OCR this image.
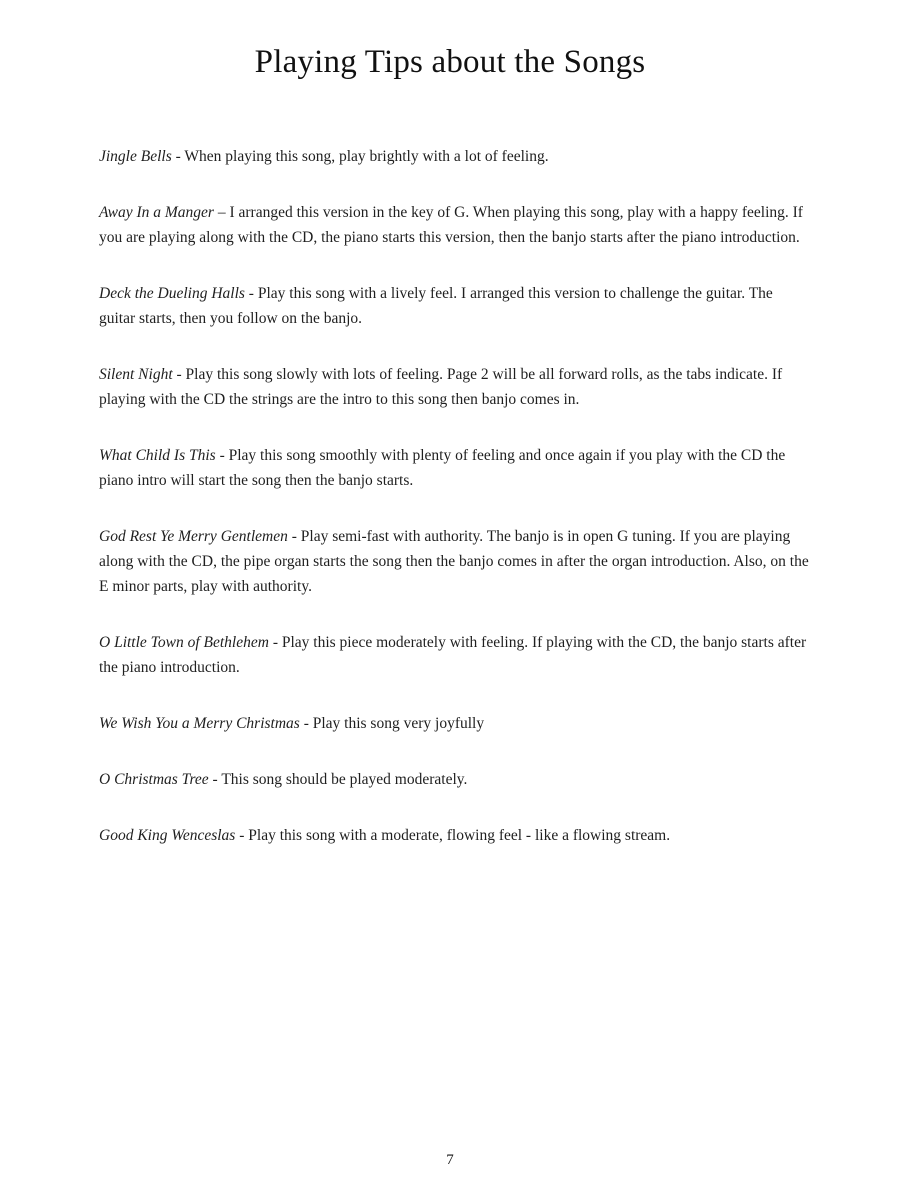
Playing Tips about the Songs

Jingle Bells - When playing this song, play brightly with a lot of feeling.

Away In a Manger – I arranged this version in the key of G. When playing this song, play with a happy feeling. If you are playing along with the CD, the piano starts this version, then the banjo starts after the piano introduction.

Deck the Dueling Halls - Play this song with a lively feel. I arranged this version to challenge the guitar. The guitar starts, then you follow on the banjo.

Silent Night - Play this song slowly with lots of feeling. Page 2 will be all forward rolls, as the tabs indicate. If playing with the CD the strings are the intro to this song then banjo comes in.

What Child Is This - Play this song smoothly with plenty of feeling and once again if you play with the CD the piano intro will start the song then the banjo starts.

God Rest Ye Merry Gentlemen - Play semi-fast with authority. The banjo is in open G tuning. If you are playing along with the CD, the pipe organ starts the song then the banjo comes in after the organ introduction. Also, on the E minor parts, play with authority.

O Little Town of Bethlehem - Play this piece moderately with feeling. If playing with the CD, the banjo starts after the piano introduction.

We Wish You a Merry Christmas - Play this song very joyfully

O Christmas Tree - This song should be played moderately.

Good King Wenceslas - Play this song with a moderate, flowing feel - like a flowing stream.

7
